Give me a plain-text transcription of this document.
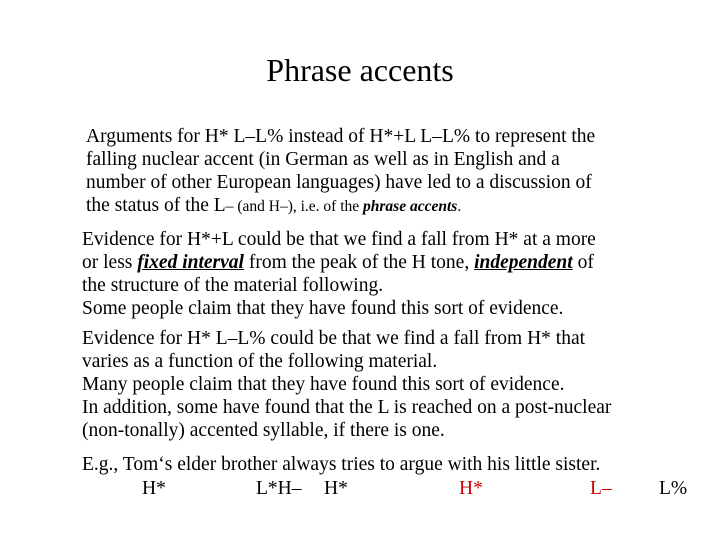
Phrase accents
Arguments for H* L–L% instead of H*+L L–L% to represent the
falling nuclear accent (in German as well as in English and a
number of other European languages) have led to a discussion of
the status of the L– (and H–), i.e. of the phrase accents.
Evidence for H*+L could be that we find a fall from H* at a more
or less fixed interval from the peak of the H tone, independent of
the structure of the material following.
Some people claim that they have found this sort of evidence.
Evidence for H* L–L% could be that we find a fall from H* that
varies as a function of the following material.
Many people claim that they have found this sort of evidence.
In addition, some have found that the L is reached on a post-nuclear
(non-tonally) accented syllable, if there is one.
E.g., Tom‘s elder brother always tries to argue with his little sister.
H*	L*H– H*	H*	L– L%
